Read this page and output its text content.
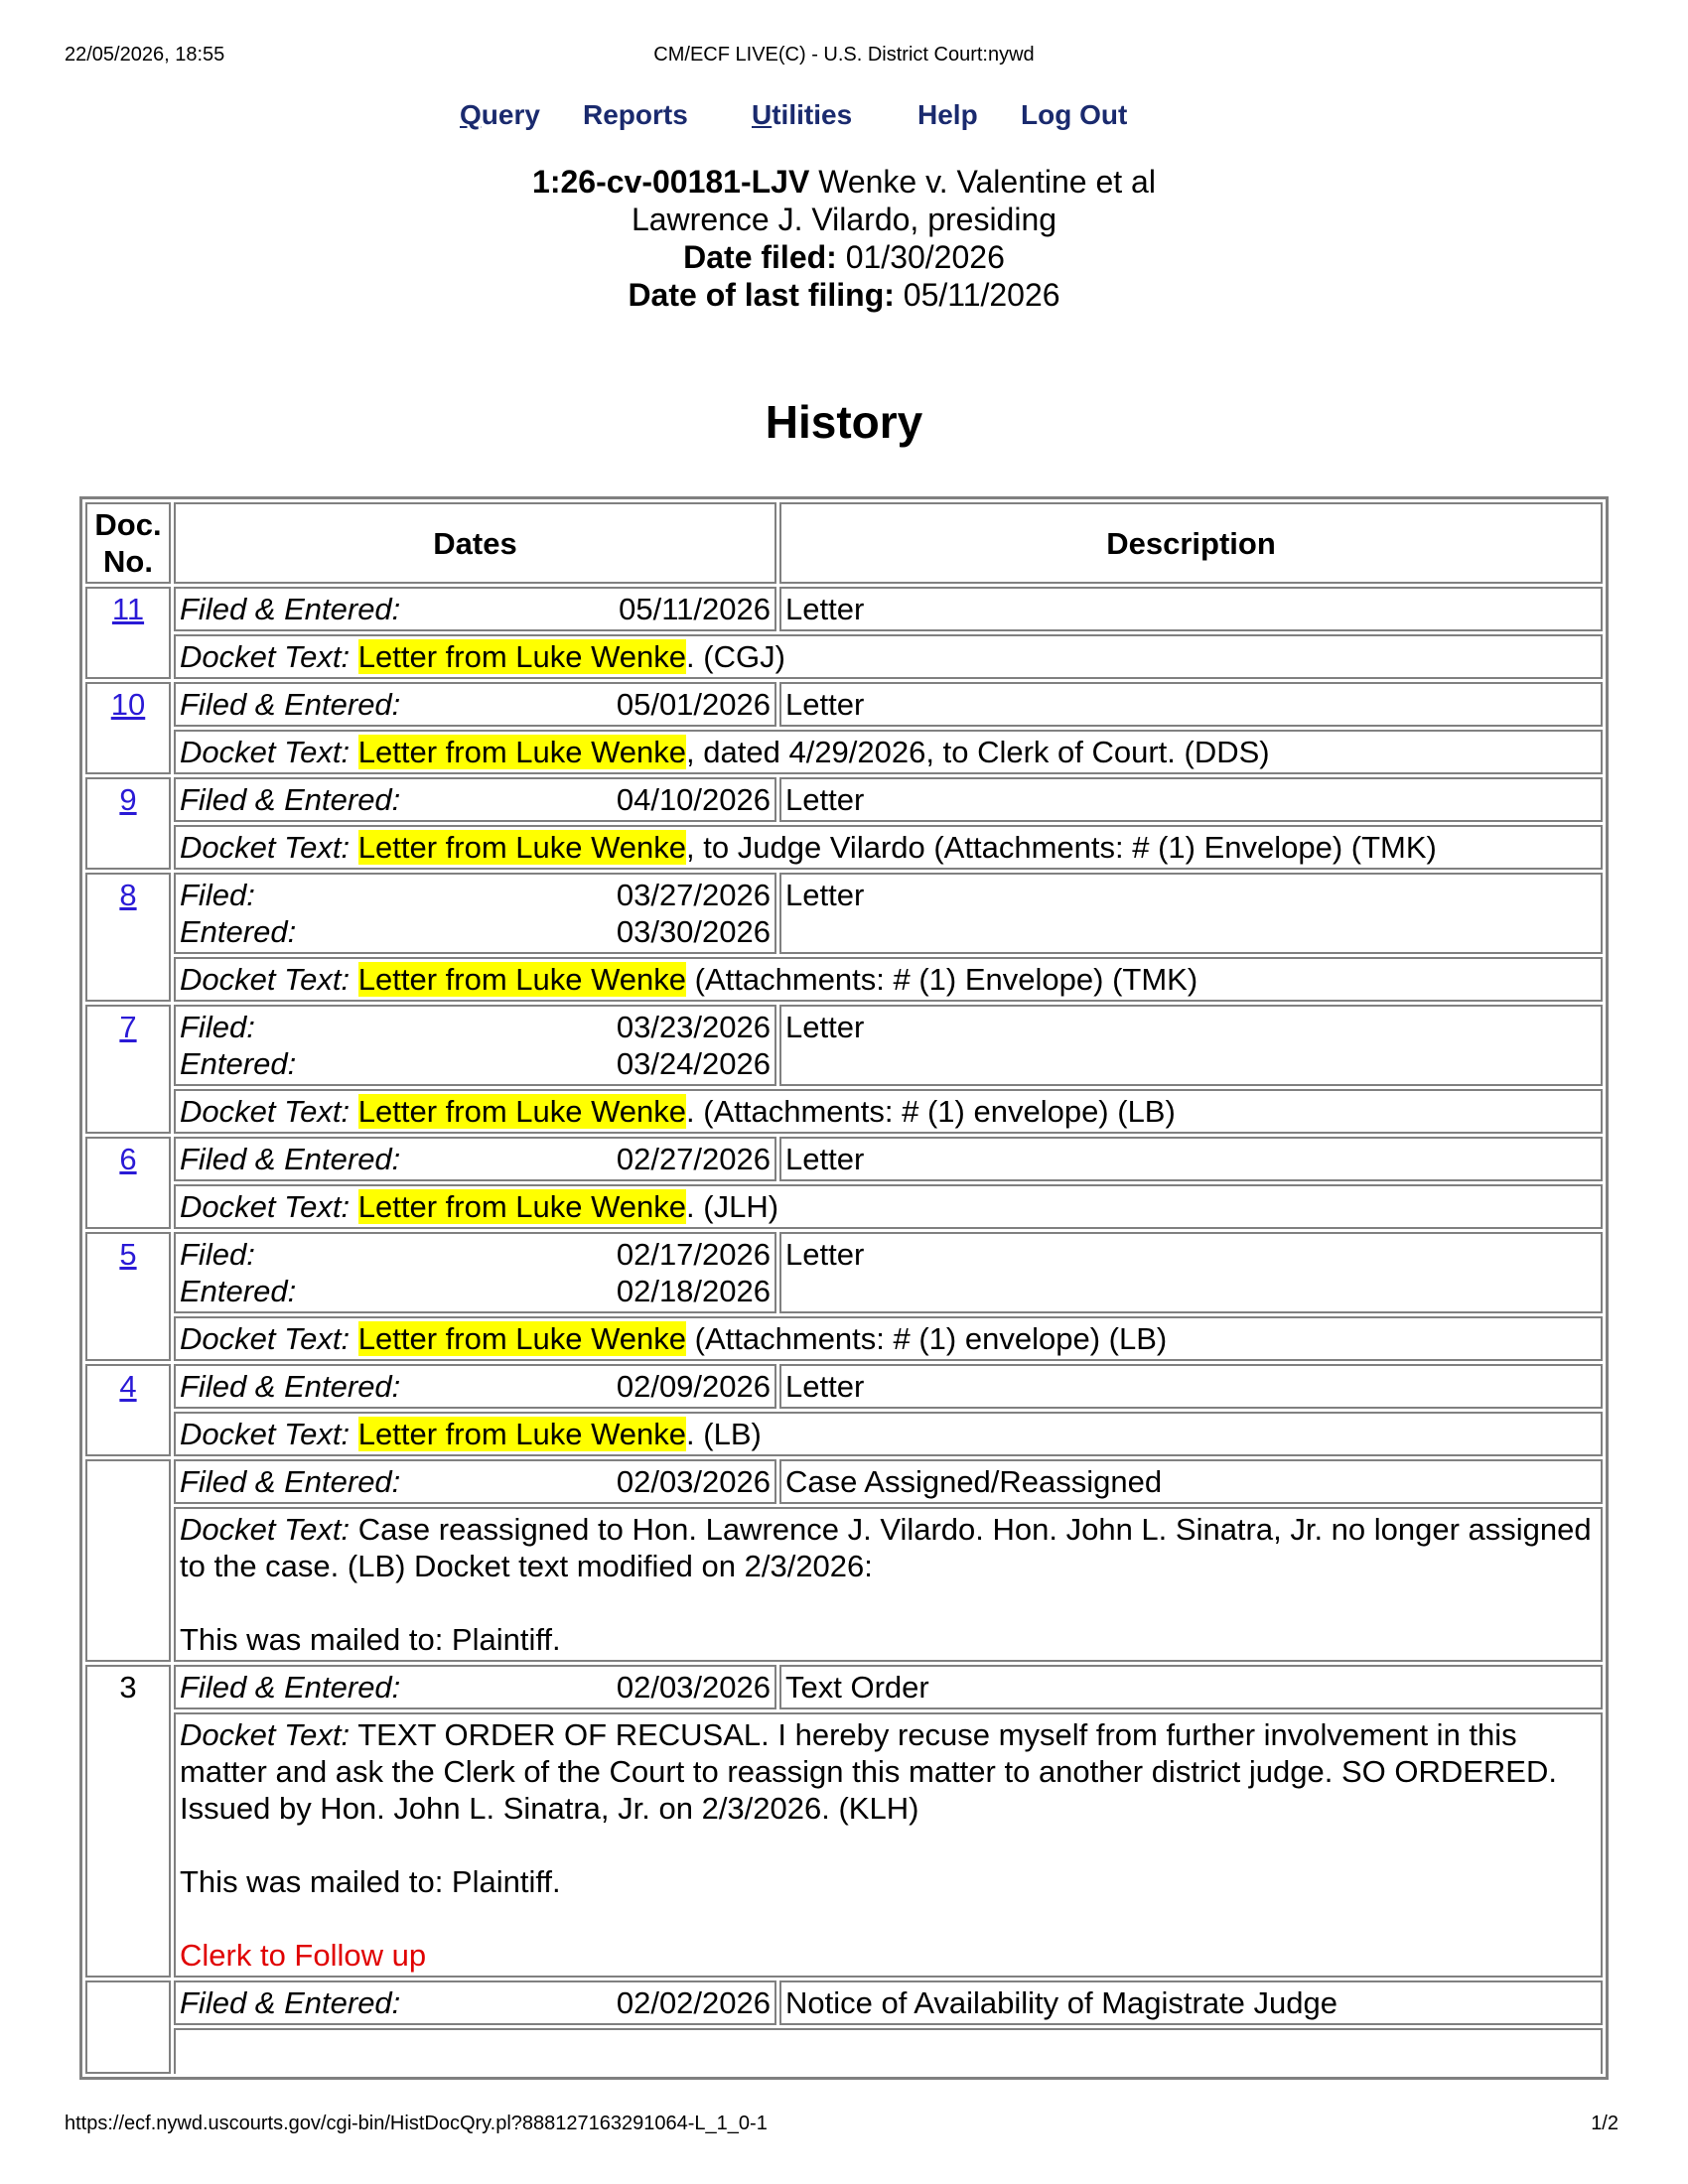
22/05/2026, 18:55	CM/ECF LIVE(C) - U.S. District Court:nywd
Query Reports Utilities Help Log Out
1:26-cv-00181-LJV Wenke v. Valentine et al
Lawrence J. Vilardo, presiding
Date filed: 01/30/2026
Date of last filing: 05/11/2026
History
Doc.
No.	Dates	Description
11	Filed & Entered: 05/11/2026	Letter
	Docket Text: Letter from Luke Wenke. (CGJ)	
10	Filed & Entered: 05/01/2026	Letter
	Docket Text: Letter from Luke Wenke, dated 4/29/2026, to Clerk of Court. (DDS)	
9	Filed & Entered: 04/10/2026	Letter
	Docket Text: Letter from Luke Wenke, to Judge Vilardo (Attachments: # (1) Envelope) (TMK)	
8	Filed: 03/27/2026
Entered: 03/30/2026	Letter
	Docket Text: Letter from Luke Wenke (Attachments: # (1) Envelope) (TMK)	
7	Filed: 03/23/2026
Entered: 03/24/2026	Letter
	Docket Text: Letter from Luke Wenke. (Attachments: # (1) envelope) (LB)	
6	Filed & Entered: 02/27/2026	Letter
	Docket Text: Letter from Luke Wenke. (JLH)	
5	Filed: 02/17/2026
Entered: 02/18/2026	Letter
	Docket Text: Letter from Luke Wenke (Attachments: # (1) envelope) (LB)	
4	Filed & Entered: 02/09/2026	Letter
	Docket Text: Letter from Luke Wenke. (LB)	

	Filed & Entered: 02/03/2026	Case Assigned/Reassigned
	Docket Text: Case reassigned to Hon. Lawrence J. Vilardo. Hon. John L. Sinatra, Jr. no longer assigned to the case. (LB) Docket text modified on 2/3/2026:
This was mailed to: Plaintiff.	

3	Filed & Entered: 02/03/2026	Text Order
	Docket Text: TEXT ORDER OF RECUSAL. I hereby recuse myself from further involvement in this matter and ask the Clerk of the Court to reassign this matter to another district judge. SO ORDERED. Issued by Hon. John L. Sinatra, Jr. on 2/3/2026. (KLH)
This was mailed to: Plaintiff.
Clerk to Follow up	

	Filed & Entered: 02/02/2026	Notice of Availability of Magistrate Judge

https://ecf.nywd.uscourts.gov/cgi-bin/HistDocQry.pl?888127163291064-L_1_0-1	1/2
